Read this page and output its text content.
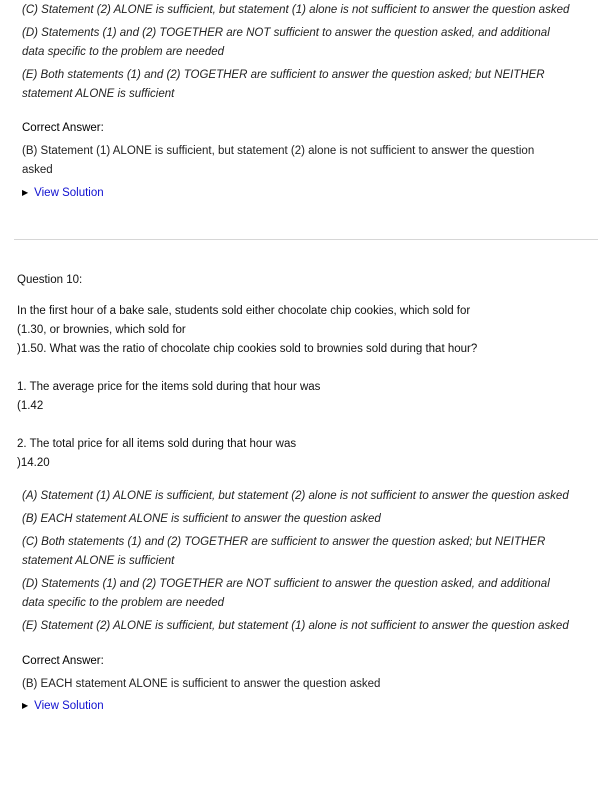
(C) Statement (2) ALONE is sufficient, but statement (1) alone is not sufficient to answer the question asked
(D) Statements (1) and (2) TOGETHER are NOT sufficient to answer the question asked, and additional
data specific to the problem are needed
(E) Both statements (1) and (2) TOGETHER are sufficient to answer the question asked; but NEITHER
statement ALONE is sufficient
Correct Answer:
(B) Statement (1) ALONE is sufficient, but statement (2) alone is not sufficient to answer the question
asked
▶ View Solution
Question 10:
In the first hour of a bake sale, students sold either chocolate chip cookies, which sold for
(1.30, or brownies, which sold for
)1.50. What was the ratio of chocolate chip cookies sold to brownies sold during that hour?
1. The average price for the items sold during that hour was
(1.42
2. The total price for all items sold during that hour was
)14.20
(A) Statement (1) ALONE is sufficient, but statement (2) alone is not sufficient to answer the question asked
(B) EACH statement ALONE is sufficient to answer the question asked
(C) Both statements (1) and (2) TOGETHER are sufficient to answer the question asked; but NEITHER
statement ALONE is sufficient
(D) Statements (1) and (2) TOGETHER are NOT sufficient to answer the question asked, and additional
data specific to the problem are needed
(E) Statement (2) ALONE is sufficient, but statement (1) alone is not sufficient to answer the question asked
Correct Answer:
(B) EACH statement ALONE is sufficient to answer the question asked
▶ View Solution
